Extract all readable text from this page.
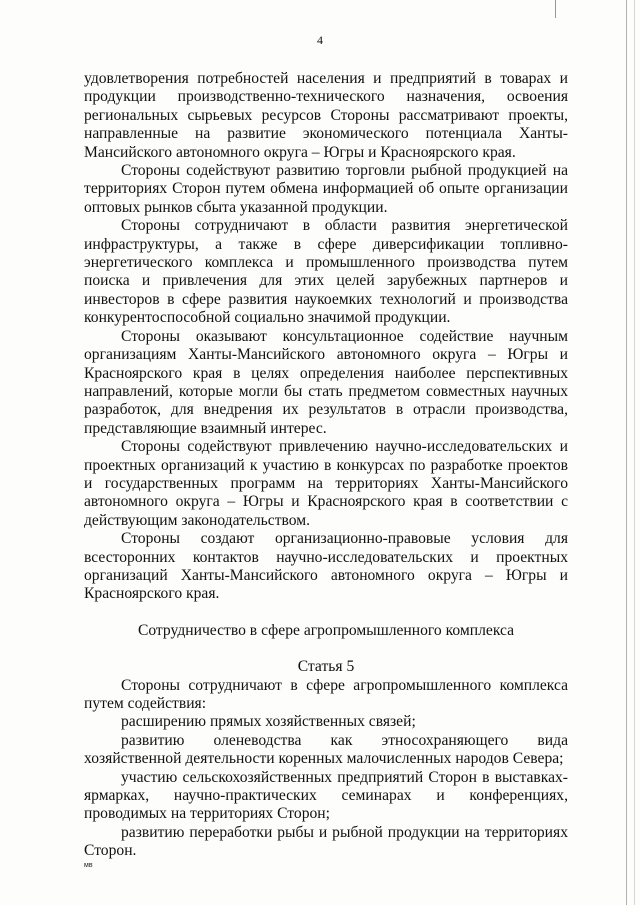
4

удовлетворения потребностей населения и предприятий в товарах и продукции производственно-технического назначения, освоения региональных сырьевых ресурсов Стороны рассматривают проекты, направленные на развитие экономического потенциала Ханты-Мансийского автономного округа – Югры и Красноярского края.

Стороны содействуют развитию торговли рыбной продукцией на территориях Сторон путем обмена информацией об опыте организации оптовых рынков сбыта указанной продукции.

Стороны сотрудничают в области развития энергетической инфраструктуры, а также в сфере диверсификации топливно-энергетического комплекса и промышленного производства путем поиска и привлечения для этих целей зарубежных партнеров и инвесторов в сфере развития наукоемких технологий и производства конкурентоспособной социально значимой продукции.

Стороны оказывают консультационное содействие научным организациям Ханты-Мансийского автономного округа – Югры и Красноярского края в целях определения наиболее перспективных направлений, которые могли бы стать предметом совместных научных разработок, для внедрения их результатов в отрасли производства, представляющие взаимный интерес.

Стороны содействуют привлечению научно-исследовательских и проектных организаций к участию в конкурсах по разработке проектов и государственных программ на территориях Ханты-Мансийского автономного округа – Югры и Красноярского края в соответствии с действующим законодательством.

Стороны создают организационно-правовые условия для всесторонних контактов научно-исследовательских и проектных организаций Ханты-Мансийского автономного округа – Югры и Красноярского края.

Сотрудничество в сфере агропромышленного комплекса

Статья 5

Стороны сотрудничают в сфере агропромышленного комплекса путем содействия:

расширению прямых хозяйственных связей;

развитию оленеводства как этносохраняющего вида хозяйственной деятельности коренных малочисленных народов Севера;

участию сельскохозяйственных предприятий Сторон в выставках-ярмарках, научно-практических семинарах и конференциях, проводимых на территориях Сторон;

развитию переработки рыбы и рыбной продукции на территориях Сторон.

мв
